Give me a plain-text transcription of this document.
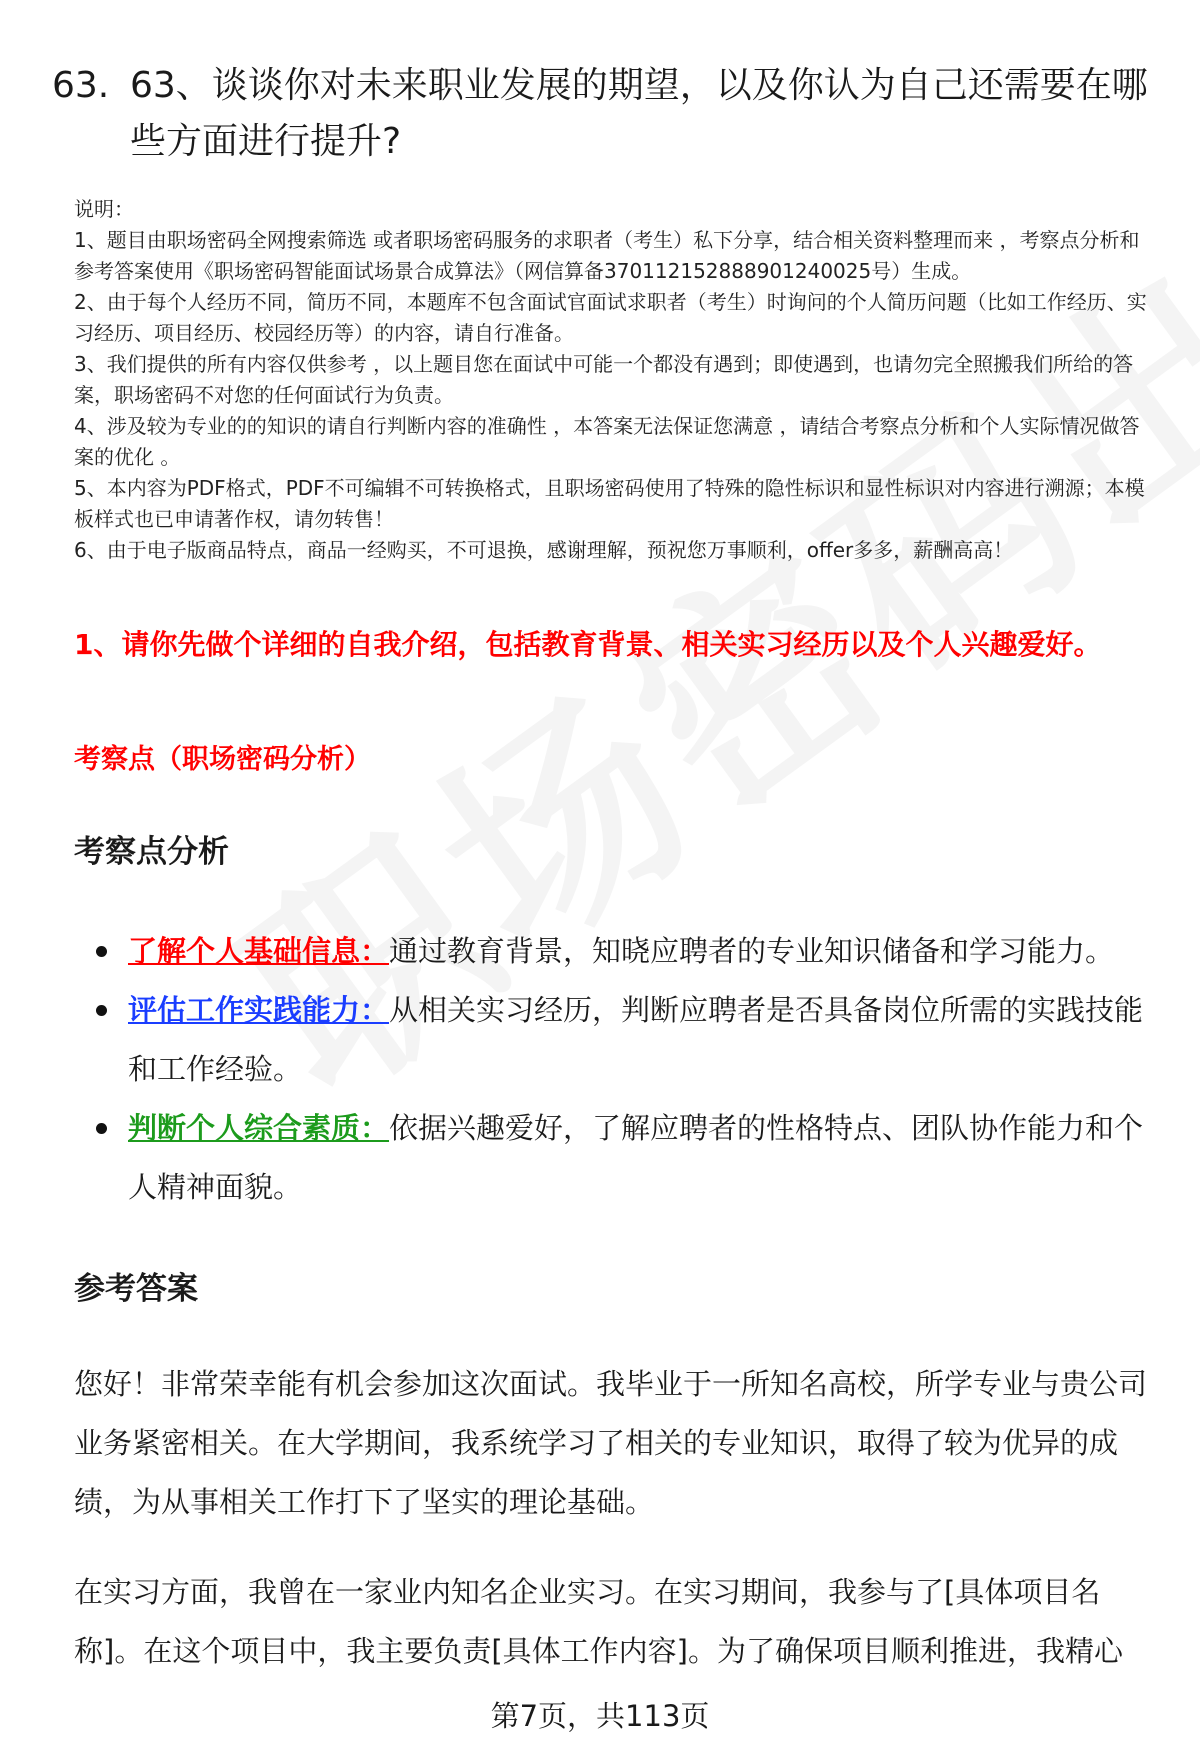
63. 63、谈谈你对未来职业发展的期望，以及你认为自己还需要在哪些方面进行提升?

说明：

1、题目由职场密码全网搜索筛选 或者职场密码服务的求职者（考生）私下分享，结合相关资料整理而来 ，考察点分析和参考答案使用《职场密码智能面试场景合成算法》（网信算备370112152888901240025号）生成。

2、由于每个人经历不同，简历不同，本题库不包含面试官面试求职者（考生）时询问的个人简历问题（比如工作经历、实习经历、项目经历、校园经历等）的内容，请自行准备。

3、我们提供的所有内容仅供参考 ，以上题目您在面试中可能一个都没有遇到；即使遇到，也请勿完全照搬我们所给的答案，职场密码不对您的任何面试行为负责。

4、涉及较为专业的的知识的请自行判断内容的准确性 ，本答案无法保证您满意 ，请结合考察点分析和个人实际情况做答案的优化 。

5、本内容为PDF格式，PDF不可编辑不可转换格式，且职场密码使用了特殊的隐性标识和显性标识对内容进行溯源；本模板样式也已申请著作权，请勿转售！

6、由于电子版商品特点，商品一经购买，不可退换，感谢理解，预祝您万事顺利，offer多多，薪酬高高！

1、请你先做个详细的自我介绍，包括教育背景、相关实习经历以及个人兴趣爱好。
考察点（职场密码分析）
考察点分析
了解个人基础信息：通过教育背景，知晓应聘者的专业知识储备和学习能力。
评估工作实践能力：从相关实习经历，判断应聘者是否具备岗位所需的实践技能和工作经验。
判断个人综合素质：依据兴趣爱好，了解应聘者的性格特点、团队协作能力和个人精神面貌。
参考答案

您好！非常荣幸能有机会参加这次面试。我毕业于一所知名高校，所学专业与贵公司业务紧密相关。在大学期间，我系统学习了相关的专业知识，取得了较为优异的成绩，为从事相关工作打下了坚实的理论基础。

在实习方面，我曾在一家业内知名企业实习。在实习期间，我参与了[具体项目名称]。在这个项目中，我主要负责[具体工作内容]。为了确保项目顺利推进，我精心

第7页，共113页
